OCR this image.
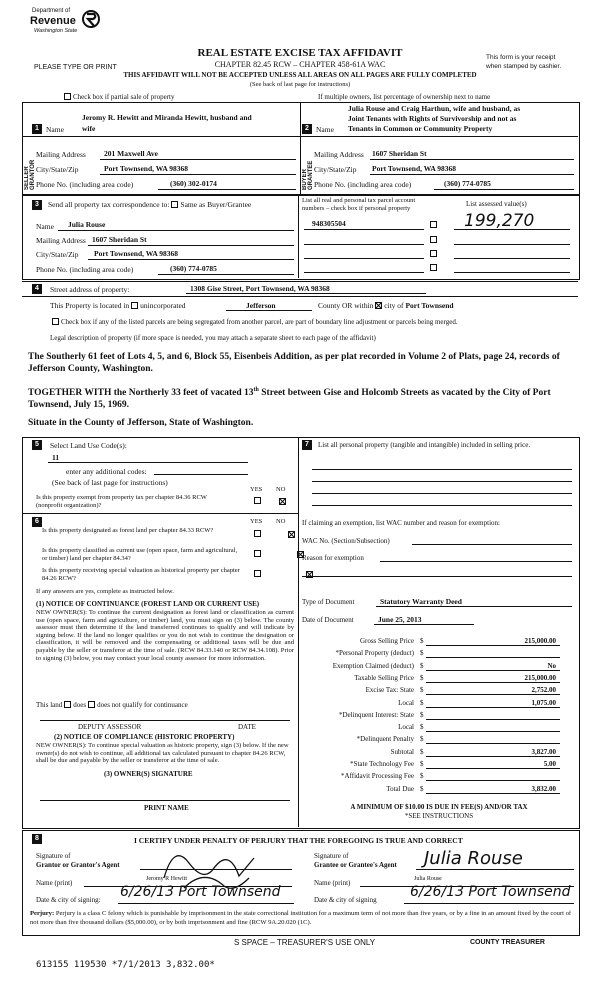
Department of
Revenue
Washington State
PLEASE TYPE OR PRINT
REAL ESTATE EXCISE TAX AFFIDAVIT
CHAPTER 82.45 RCW – CHAPTER 458-61A WAC
THIS AFFIDAVIT WILL NOT BE ACCEPTED UNLESS ALL AREAS ON ALL PAGES ARE FULLY COMPLETED
(See back of last page for instructions)
This form is your receipt
when stamped by cashier.
Check box if partial sale of property	If multiple owners, list percentage of ownership next to name
SELLER GRANTOR	BUYER GRANTEE
1	2
Jeromy R. Hewitt and Miranda Hewitt, husband and
Name wife
Mailing Address 201 Maxwell Ave
City/State/Zip	Port Townsend, WA 98368
Phone No. (including area code)	(360) 302-0174
Julia Rouse and Craig Harthun, wife and husband, as
Joint Tenants with Rights of Survivorship and not as
Name Tenants in Common or Community Property
Mailing Address 1607 Sheridan St
City/State/Zip Port Townsend, WA 98368
Phone No. (including area code)	(360) 774-0785
3	Send all property tax correspondence to: Same as Buyer/Grantee
Name Julia Rouse
Mailing Address 1607 Sheridan St
City/State/Zip Port Townsend, WA 98368
Phone No. (including area code)	(360) 774-0785
List all real and personal tax parcel account
numbers – check box if personal property
List assessed value(s)
948305504	199,270
4	Street address of property:	1308 Gise Street, Port Townsend, WA 98368
This Property is located in unincorporated	Jefferson	County OR within city of Port Townsend
Check box if any of the listed parcels are being segregated from another parcel, are part of boundary line adjustment or parcels being merged.
Legal description of property (if more space is needed, you may attach a separate sheet to each page of the affidavit)
The Southerly 61 feet of Lots 4, 5, and 6, Block 55, Eisenbeis Addition, as per plat recorded in Volume 2 of Plats, page 24, records of Jefferson County, Washington.
TOGETHER WITH the Northerly 33 feet of vacated 13th Street between Gise and Holcomb Streets as vacated by the City of Port Townsend, July 15, 1969.
Situate in the County of Jefferson, State of Washington.
5	Select Land Use Code(s):
11
enter any additional codes:
(See back of last page for instructions)
YES NO
Is this property exempt from property tax per chapter 84.36 RCW (nonprofit organization)?

6	YES NO
Is this property designated as forest land per chapter 84.33 RCW?

Is this property classified as current use (open space, farm and agricultural, or timber) land per chapter 84.34?

Is this property receiving special valuation as historical property per chapter 84.26 RCW?
If any answers are yes, complete as instructed below.
(1) NOTICE OF CONTINUANCE (FOREST LAND OR CURRENT USE)
NEW OWNER(S): To continue the current designation as forest land or classification as current use (open space, farm and agriculture, or timber) land, you must sign on (3) below. The county assessor must then determine if the land transferred continues to qualify and will indicate by signing below. If the land no longer qualifies or you do not wish to continue the designation or classification, it will be removed and the compensating or additional taxes will be due and payable by the seller or transferor at the time of sale. (RCW 84.33.140 or RCW 84.34.108). Prior to signing (3) below, you may contact your local county assessor for more information.
This land does does not qualify for continuance
DEPUTY ASSESSOR	DATE
(2) NOTICE OF COMPLIANCE (HISTORIC PROPERTY)
NEW OWNER(S): To continue special valuation as historic property, sign (3) below. If the new owner(s) do not wish to continue, all additional tax calculated pursuant to chapter 84.26 RCW, shall be due and payable by the seller or transferor at the time of sale.
(3) OWNER(S) SIGNATURE
PRINT NAME
7	List all personal property (tangible and intangible) included in selling price.
If claiming an exemption, list WAC number and reason for exemption:
WAC No. (Section/Subsection)
Reason for exemption
Type of Document	Statutory Warranty Deed
Date of Document	June 25, 2013
Gross Selling Price $	215,000.00
*Personal Property (deduct) $
Exemption Claimed (deduct) $	No
Taxable Selling Price $	215,000.00
Excise Tax: State $	2,752.00
Local $	1,075.00
*Delinquent Interest: State $
Local $
*Delinquent Penalty $
Subtotal $	3,827.00
*State Technology Fee $	5.00
*Affidavit Processing Fee $
Total Due $	3,832.00
A MINIMUM OF $10.00 IS DUE IN FEE(S) AND/OR TAX
*SEE INSTRUCTIONS
8	I CERTIFY UNDER PENALTY OF PERJURY THAT THE FOREGOING IS TRUE AND CORRECT
Signature of
Grantor or Grantor's Agent
Name (print)	Jeromy R Hewitt
Date & city of signing: 6/26/13 Port Townsend
Signature of
Grantee or Grantee's Agent Julia Rouse
Name (print)	Julia Rouse
Date & city of signing 6/26/13 Port Townsend
Perjury: Perjury is a class C felony which is punishable by imprisonment in the state correctional institution for a maximum term of not more than five years, or by a fine in an amount fixed by the court of not more than five thousand dollars ($5,000.00), or by both imprisonment and fine (RCW 9A.20.020 (1C).
S SPACE – TREASURER'S USE ONLY	COUNTY TREASURER
613155 119530 *7/1/2013 3,832.00*
